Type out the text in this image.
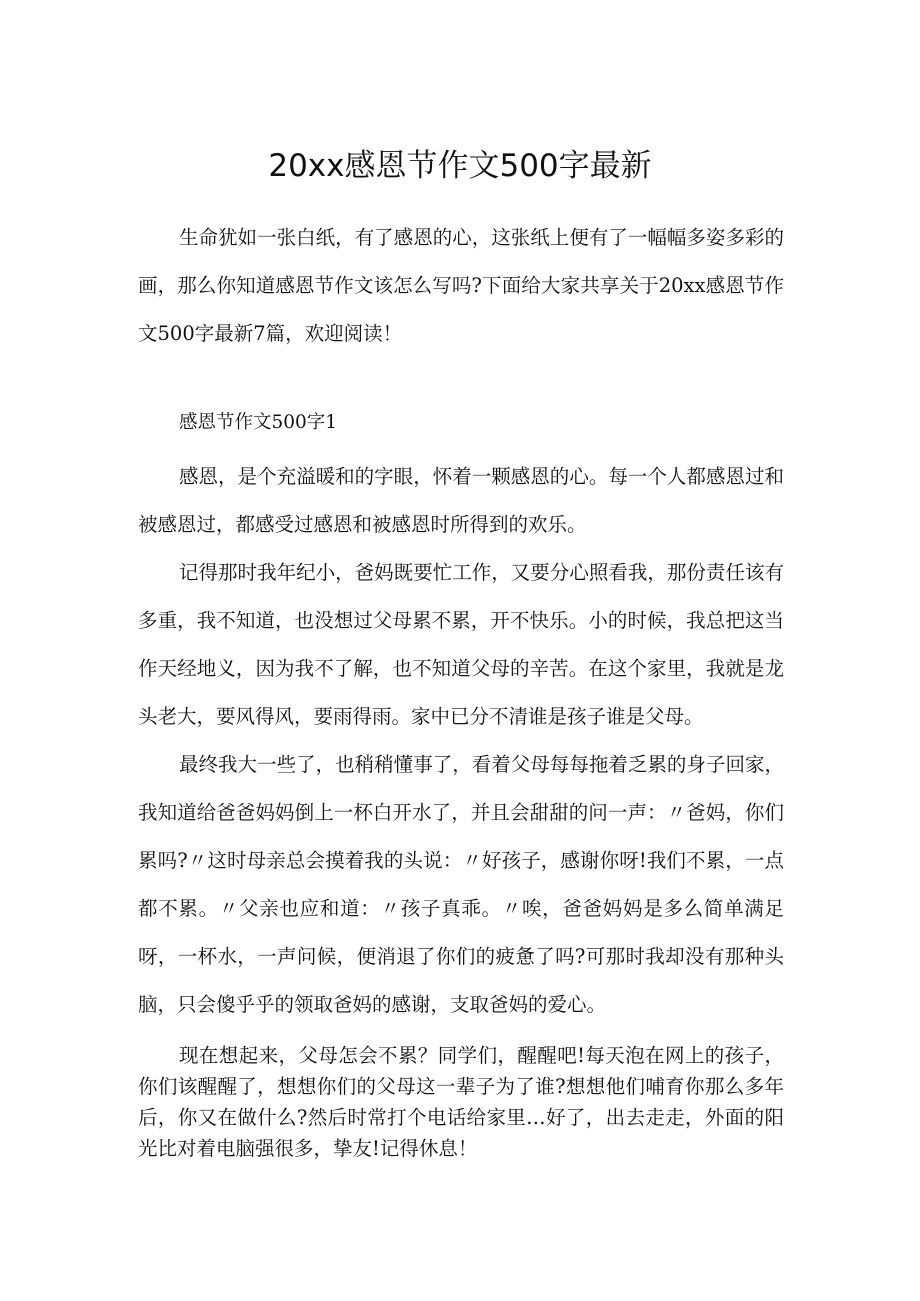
20xx感恩节作文500字最新

生命犹如一张白纸，有了感恩的心，这张纸上便有了一幅幅多姿多彩的画，那么你知道感恩节作文该怎么写吗?下面给大家共享关于20xx感恩节作文500字最新7篇，欢迎阅读！

感恩节作文500字1

感恩，是个充溢暖和的字眼，怀着一颗感恩的心。每一个人都感恩过和被感恩过，都感受过感恩和被感恩时所得到的欢乐。

记得那时我年纪小，爸妈既要忙工作，又要分心照看我，那份责任该有多重，我不知道，也没想过父母累不累，开不快乐。小的时候，我总把这当作天经地义，因为我不了解，也不知道父母的辛苦。在这个家里，我就是龙头老大，要风得风，要雨得雨。家中已分不清谁是孩子谁是父母。

最终我大一些了，也稍稍懂事了，看着父母每每拖着乏累的身子回家，我知道给爸爸妈妈倒上一杯白开水了，并且会甜甜的问一声：〃爸妈，你们累吗?〃这时母亲总会摸着我的头说：〃好孩子，感谢你呀!我们不累，一点都不累。〃父亲也应和道：〃孩子真乖。〃唉，爸爸妈妈是多么简单满足呀，一杯水，一声问候，便消退了你们的疲惫了吗?可那时我却没有那种头脑，只会傻乎乎的领取爸妈的感谢，支取爸妈的爱心。

现在想起来，父母怎会不累？同学们，醒醒吧!每天泡在网上的孩子，你们该醒醒了，想想你们的父母这一辈子为了谁?想想他们哺育你那么多年后，你又在做什么?然后时常打个电话给家里…好了，出去走走，外面的阳光比对着电脑强很多，挚友!记得休息！
